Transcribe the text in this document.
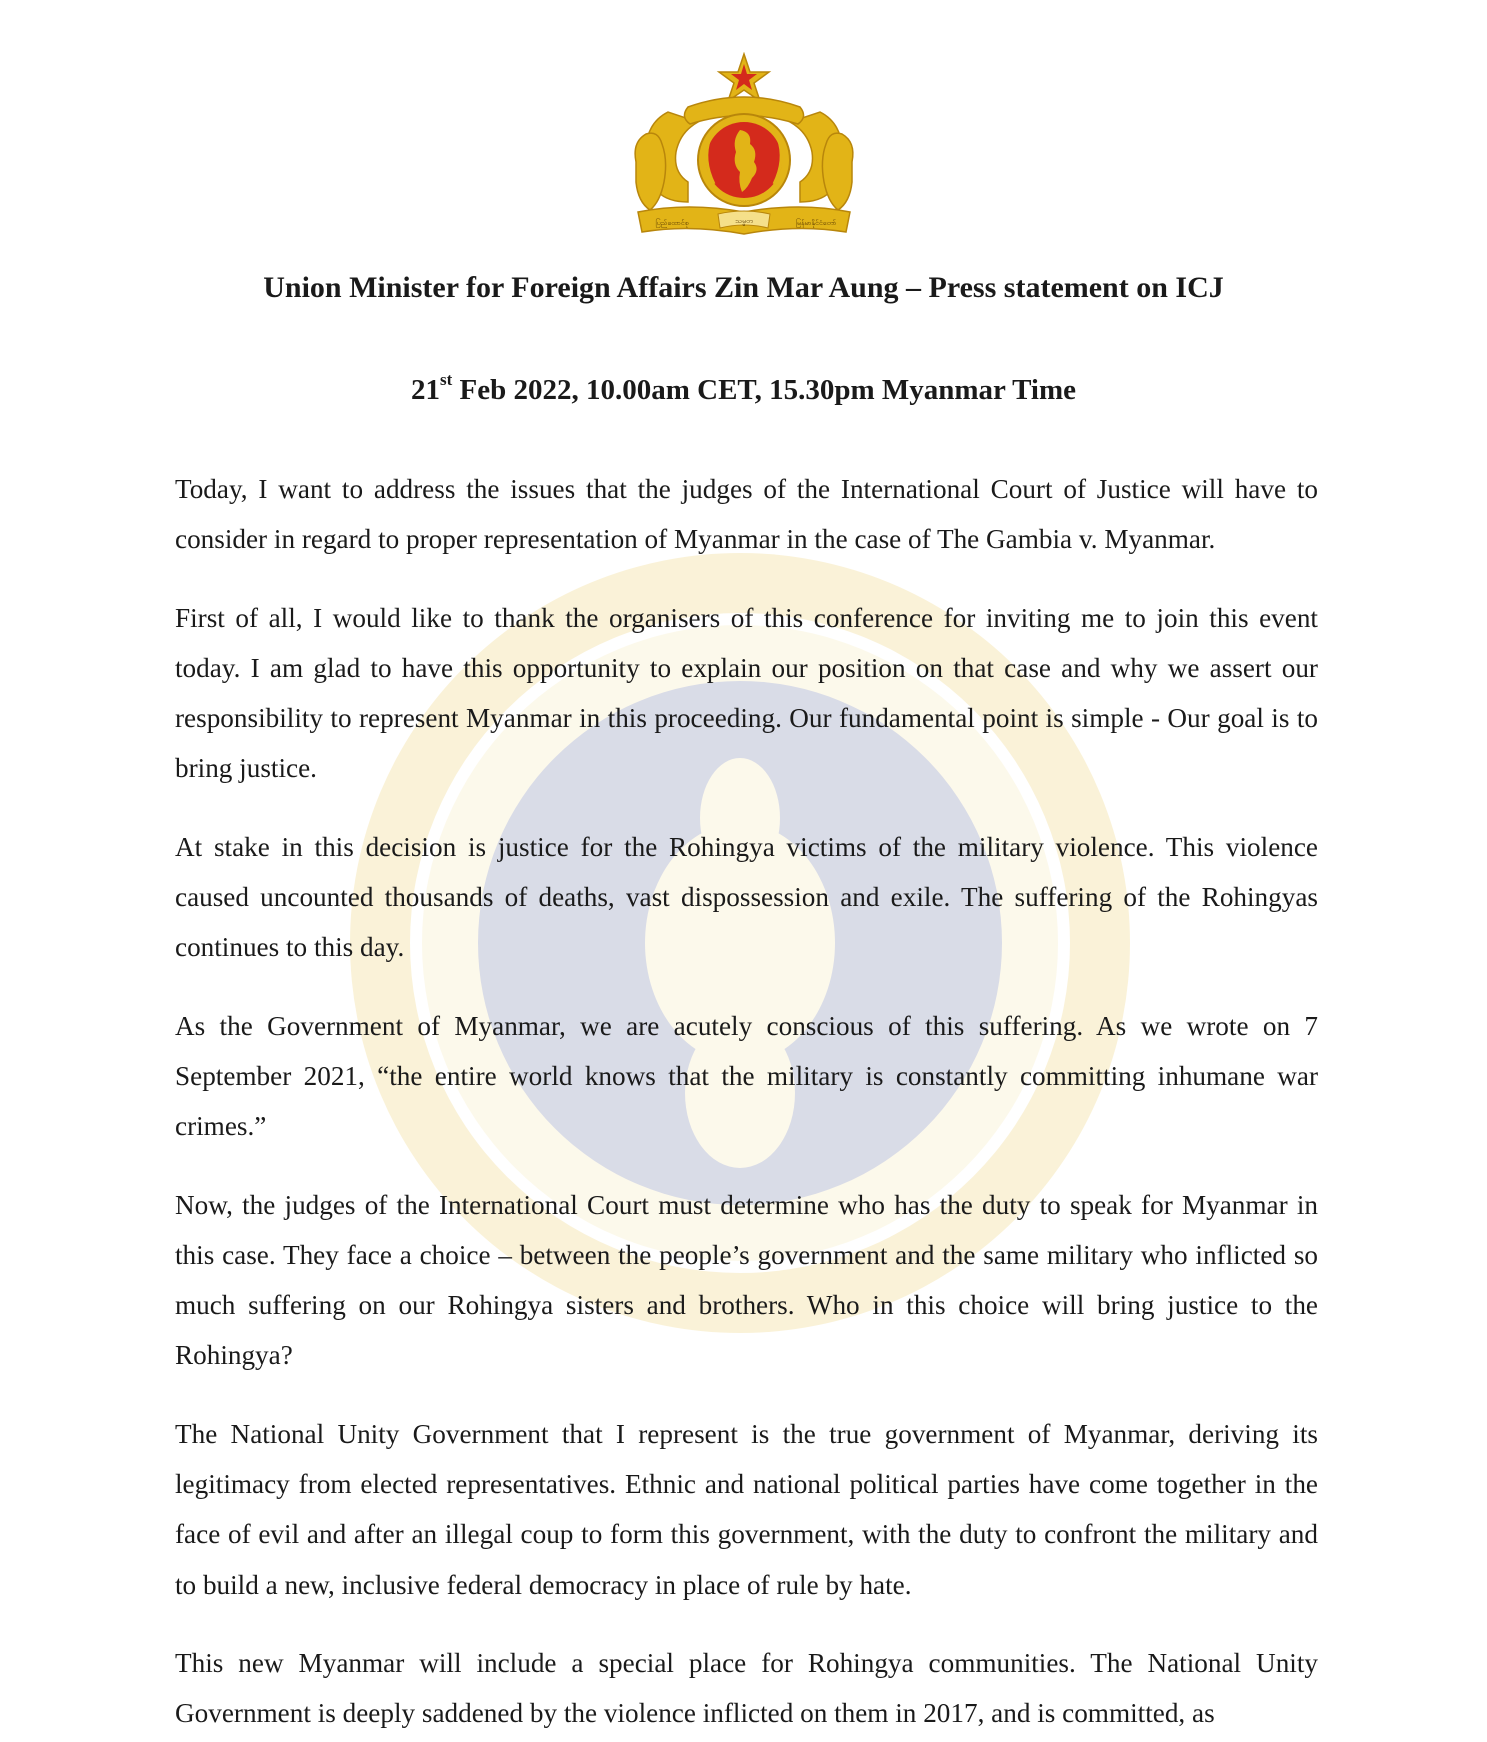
ပြည်ထောင်စု	သမ္မတ	မြန်မာနိုင်ငံတော်
Union Minister for Foreign Affairs Zin Mar Aung – Press statement on ICJ

21st Feb 2022, 10.00am CET, 15.30pm Myanmar Time

Today, I want to address the issues that the judges of the International Court of Justice will have to consider in regard to proper representation of Myanmar in the case of The Gambia v. Myanmar.

First of all, I would like to thank the organisers of this conference for inviting me to join this event today. I am glad to have this opportunity to explain our position on that case and why we assert our responsibility to represent Myanmar in this proceeding. Our fundamental point is simple - Our goal is to bring justice.

At stake in this decision is justice for the Rohingya victims of the military violence. This violence caused uncounted thousands of deaths, vast dispossession and exile. The suffering of the Rohingyas continues to this day.

As the Government of Myanmar, we are acutely conscious of this suffering. As we wrote on 7 September 2021, “the entire world knows that the military is constantly committing inhumane war crimes.”

Now, the judges of the International Court must determine who has the duty to speak for Myanmar in this case. They face a choice – between the people’s government and the same military who inflicted so much suffering on our Rohingya sisters and brothers. Who in this choice will bring justice to the Rohingya?

The National Unity Government that I represent is the true government of Myanmar, deriving its legitimacy from elected representatives. Ethnic and national political parties have come together in the face of evil and after an illegal coup to form this government, with the duty to confront the military and to build a new, inclusive federal democracy in place of rule by hate.

This new Myanmar will include a special place for Rohingya communities. The National Unity Government is deeply saddened by the violence inflicted on them in 2017, and is committed, as
